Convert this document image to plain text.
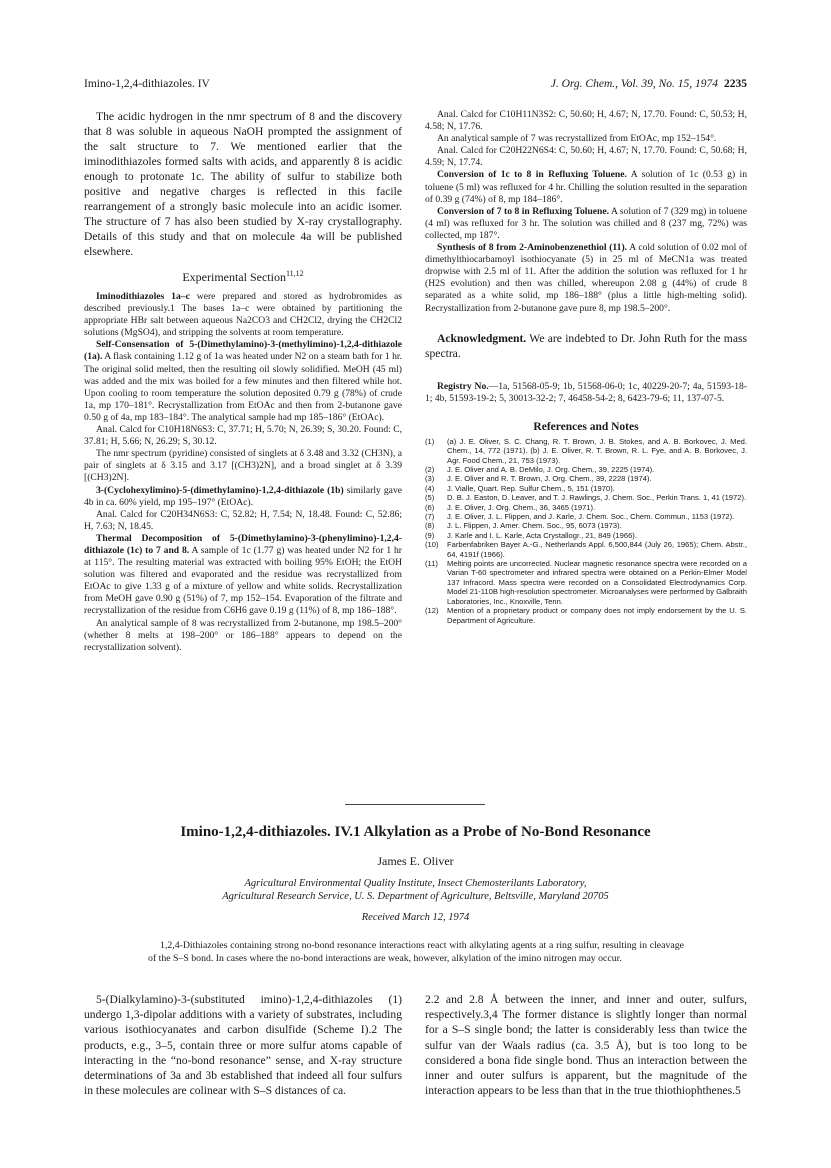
Imino-1,2,4-dithiazoles. IV	J. Org. Chem., Vol. 39, No. 15, 1974 2235

The acidic hydrogen in the nmr spectrum of 8 and the discovery that 8 was soluble in aqueous NaOH prompted the assignment of the salt structure to 7. We mentioned earlier that the iminodithiazoles formed salts with acids, and apparently 8 is acidic enough to protonate 1c. The ability of sulfur to stabilize both positive and negative charges is reflected in this facile rearrangement of a strongly basic molecule into an acidic isomer. The structure of 7 has also been studied by X-ray crystallography. Details of this study and that on molecule 4a will be published elsewhere.

Experimental Section$^{11,12}$

Iminodithiazoles 1a–c were prepared and stored as hydrobromides as described previously.1 The bases 1a–c were obtained by partitioning the appropriate HBr salt between aqueous Na2CO3 and CH2Cl2, drying the CH2Cl2 solutions (MgSO4), and stripping the solvents at room temperature.

Self-Consensation of 5-(Dimethylamino)-3-(methylimino)-1,2,4-dithiazole (1a). A flask containing 1.12 g of 1a was heated under N2 on a steam bath for 1 hr. The original solid melted, then the resulting oil slowly solidified. MeOH (45 ml) was added and the mix was boiled for a few minutes and then filtered while hot. Upon cooling to room temperature the solution deposited 0.79 g (78%) of crude 1a, mp 170–181°. Recrystallization from EtOAc and then from 2-butanone gave 0.50 g of 4a, mp 183–184°. The analytical sample had mp 185–186° (EtOAc).

Anal. Calcd for C10H18N6S3: C, 37.71; H, 5.70; N, 26.39; S, 30.20. Found: C, 37.81; H, 5.66; N, 26.29; S, 30.12.

The nmr spectrum (pyridine) consisted of singlets at δ 3.48 and 3.32 (CH3N), a pair of singlets at δ 3.15 and 3.17 [(CH3)2N], and a broad singlet at δ 3.39 [(CH3)2N].

3-(Cyclohexylimino)-5-(dimethylamino)-1,2,4-dithiazole (1b) similarly gave 4b in ca. 60% yield, mp 195–197° (EtOAc).

Anal. Calcd for C20H34N6S3: C, 52.82; H, 7.54; N, 18.48. Found: C, 52.86; H, 7.63; N, 18.45.

Thermal Decomposition of 5-(Dimethylamino)-3-(phenylimino)-1,2,4-dithiazole (1c) to 7 and 8. A sample of 1c (1.77 g) was heated under N2 for 1 hr at 115°. The resulting material was extracted with boiling 95% EtOH; the EtOH solution was filtered and evaporated and the residue was recrystallized from EtOAc to give 1.33 g of a mixture of yellow and white solids. Recrystallization from MeOH gave 0.90 g (51%) of 7, mp 152–154. Evaporation of the filtrate and recrystallization of the residue from C6H6 gave 0.19 g (11%) of 8, mp 186–188°.

An analytical sample of 8 was recrystallized from 2-butanone, mp 198.5–200° (whether 8 melts at 198–200° or 186–188° appears to depend on the recrystallization solvent).

Anal. Calcd for C10H11N3S2: C, 50.60; H, 4.67; N, 17.70. Found: C, 50.53; H, 4.58; N, 17.76.

An analytical sample of 7 was recrystallized from EtOAc, mp 152–154°.

Anal. Calcd for C20H22N6S4: C, 50.60; H, 4.67; N, 17.70. Found: C, 50.68; H, 4.59; N, 17.74.

Conversion of 1c to 8 in Refluxing Toluene. A solution of 1c (0.53 g) in toluene (5 ml) was refluxed for 4 hr. Chilling the solution resulted in the separation of 0.39 g (74%) of 8, mp 184–186°.

Conversion of 7 to 8 in Refluxing Toluene. A solution of 7 (329 mg) in toluene (4 ml) was refluxed for 3 hr. The solution was chilled and 8 (237 mg, 72%) was collected, mp 187°.

Synthesis of 8 from 2-Aminobenzenethiol (11). A cold solution of 0.02 mol of dimethylthiocarbamoyl isothiocyanate (5) in 25 ml of MeCN1a was treated dropwise with 2.5 ml of 11. After the addition the solution was refluxed for 1 hr (H2S evolution) and then was chilled, whereupon 2.08 g (44%) of crude 8 separated as a white solid, mp 186–188° (plus a little high-melting solid). Recrystallization from 2-butanone gave pure 8, mp 198.5–200°.

Acknowledgment. We are indebted to Dr. John Ruth for the mass spectra.

Registry No.—1a, 51568-05-9; 1b, 51568-06-0; 1c, 40229-20-7; 4a, 51593-18-1; 4b, 51593-19-2; 5, 30013-32-2; 7, 46458-54-2; 8, 6423-79-6; 11, 137-07-5.

References and Notes
(1)	(a) J. E. Oliver, S. C. Chang, R. T. Brown, J. B. Stokes, and A. B. Borkovec, J. Med. Chem., 14, 772 (1971). (b) J. E. Oliver, R. T. Brown, R. L. Fye, and A. B. Borkovec, J. Agr. Food Chem., 21, 753 (1973).
(2)	J. E. Oliver and A. B. DeMilo, J. Org. Chem., 39, 2225 (1974).
(3)	J. E. Oliver and R. T. Brown, J. Org. Chem., 39, 2228 (1974).
(4)	J. Vialle, Quart. Rep. Sulfur Chem., 5, 151 (1970).
(5)	D. B. J. Easton, D. Leaver, and T. J. Rawlings, J. Chem. Soc., Perkin Trans. 1, 41 (1972).
(6)	J. E. Oliver, J. Org. Chem., 36, 3465 (1971).
(7)	J. E. Oliver, J. L. Flippen, and J. Karle, J. Chem. Soc., Chem. Commun., 1153 (1972).
(8)	J. L. Flippen, J. Amer. Chem. Soc., 95, 6073 (1973).
(9)	J. Karle and I. L. Karle, Acta Crystallogr., 21, 849 (1966).
(10)	Farbenfabriken Bayer A.-G., Netherlands Appl. 6,500,844 (July 26, 1965); Chem. Abstr., 64, 4191f (1966).
(11)	Melting points are uncorrected. Nuclear magnetic resonance spectra were recorded on a Varian T-60 spectrometer and infrared spectra were obtained on a Perkin-Elmer Model 137 Infracord. Mass spectra were recorded on a Consolidated Electrodynamics Corp. Model 21-110B high-resolution spectrometer. Microanalyses were performed by Galbraith Laboratories, Inc., Knoxville, Tenn.
(12)	Mention of a proprietary product or company does not imply endorsement by the U. S. Department of Agriculture.
Imino-1,2,4-dithiazoles. IV.1 Alkylation as a Probe of No-Bond Resonance
James E. Oliver
Agricultural Environmental Quality Institute, Insect Chemosterilants Laboratory,
Agricultural Research Service, U. S. Department of Agriculture, Beltsville, Maryland 20705
Received March 12, 1974

1,2,4-Dithiazoles containing strong no-bond resonance interactions react with alkylating agents at a ring sulfur, resulting in cleavage of the S–S bond. In cases where the no-bond interactions are weak, however, alkylation of the imino nitrogen may occur.

5-(Dialkylamino)-3-(substituted imino)-1,2,4-dithiazoles (1) undergo 1,3-dipolar additions with a variety of substrates, including various isothiocyanates and carbon disulfide (Scheme I).2 The products, e.g., 3–5, contain three or more sulfur atoms capable of interacting in the “no-bond resonance” sense, and X-ray structure determinations of 3a and 3b established that indeed all four sulfurs in these molecules are colinear with S–S distances of ca.

2.2 and 2.8 Å between the inner, and inner and outer, sulfurs, respectively.3,4 The former distance is slightly longer than normal for a S–S single bond; the latter is considerably less than twice the sulfur van der Waals radius (ca. 3.5 Å), but is too long to be considered a bona fide single bond. Thus an interaction between the inner and outer sulfurs is apparent, but the magnitude of the interaction appears to be less than that in the true thiothiophthenes.5
